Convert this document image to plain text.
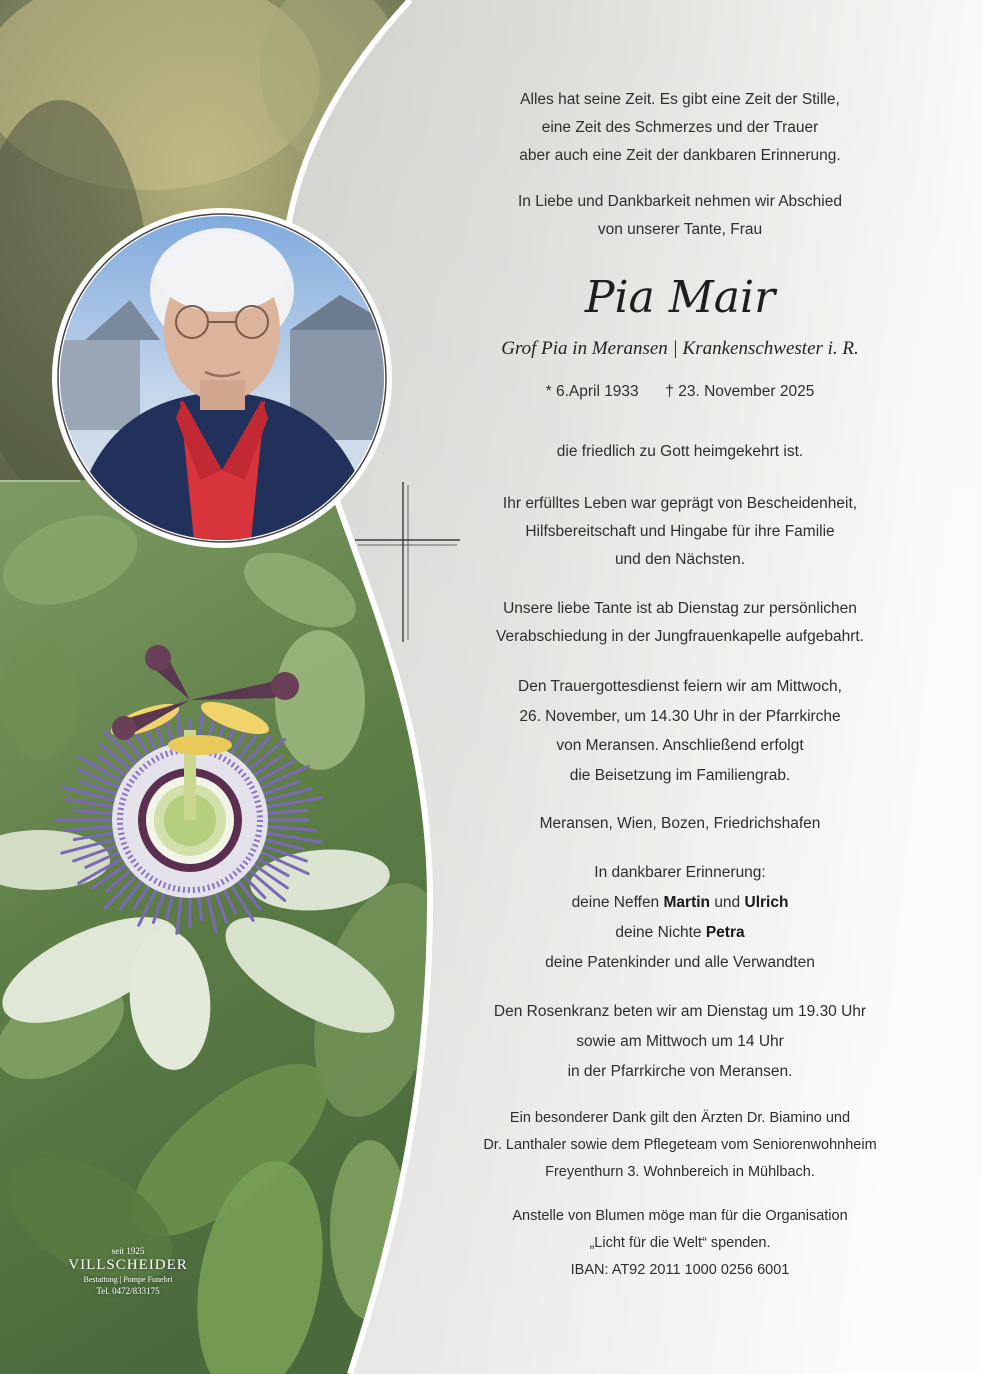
Alles hat seine Zeit. Es gibt eine Zeit der Stille,
eine Zeit des Schmerzes und der Trauer
aber auch eine Zeit der dankbaren Erinnerung.
In Liebe und Dankbarkeit nehmen wir Abschied
von unserer Tante, Frau
Pia Mair
Grof Pia in Meransen | Krankenschwester i. R.
* 6.April 1933 † 23. November 2025
die friedlich zu Gott heimgekehrt ist.
Ihr erfülltes Leben war geprägt von Bescheidenheit,
Hilfsbereitschaft und Hingabe für ihre Familie
und den Nächsten.
Unsere liebe Tante ist ab Dienstag zur persönlichen
Verabschiedung in der Jungfrauenkapelle aufgebahrt.
Den Trauergottesdienst feiern wir am Mittwoch,
26. November, um 14.30 Uhr in der Pfarrkirche
von Meransen. Anschließend erfolgt
die Beisetzung im Familiengrab.
Meransen, Wien, Bozen, Friedrichshafen
In dankbarer Erinnerung:
deine Neffen Martin und Ulrich
deine Nichte Petra
deine Patenkinder und alle Verwandten
Den Rosenkranz beten wir am Dienstag um 19.30 Uhr
sowie am Mittwoch um 14 Uhr
in der Pfarrkirche von Meransen.
Ein besonderer Dank gilt den Ärzten Dr. Biamino und
Dr. Lanthaler sowie dem Pflegeteam vom Seniorenwohnheim
Freyenthurn 3. Wohnbereich in Mühlbach.
Anstelle von Blumen möge man für die Organisation
„Licht für die Welt“ spenden.
IBAN: AT92 2011 1000 0256 6001
seit 1925
VILLSCHEIDER
Bestattung | Pompe Funebri
Tel. 0472/833175
